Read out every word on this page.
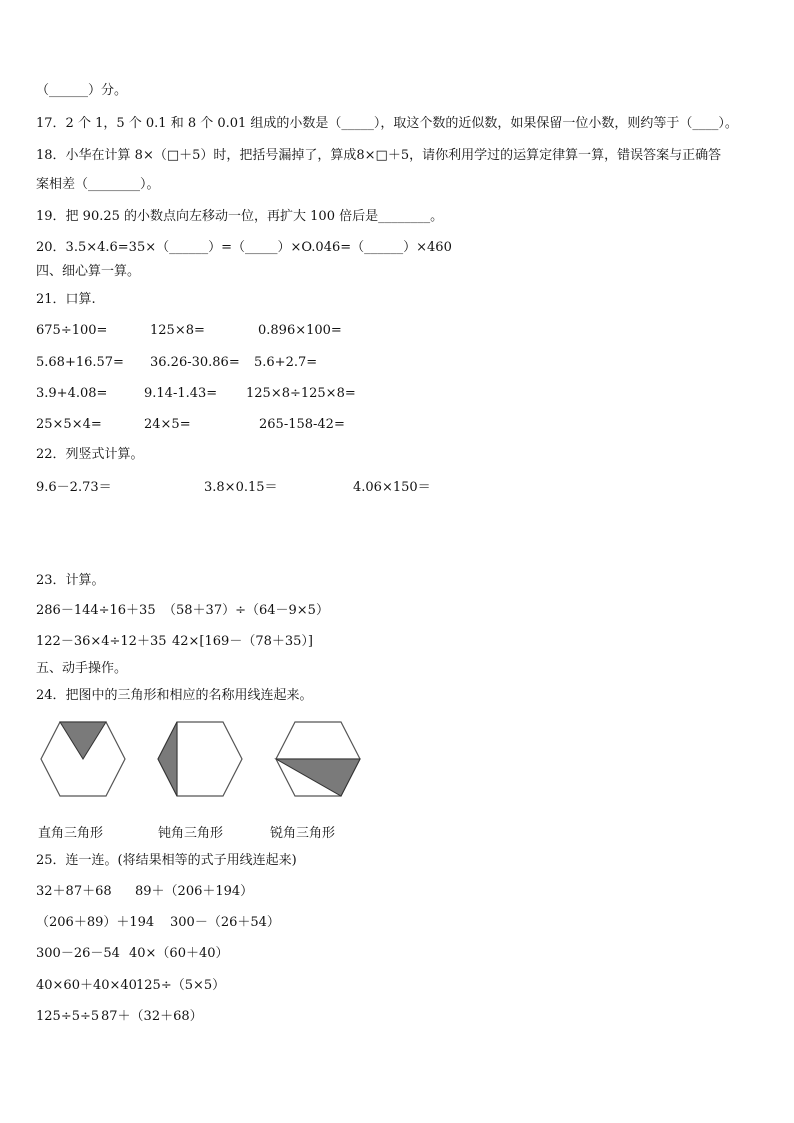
（______）分。
17．2 个 1，5 个 0.1 和 8 个 0.01 组成的小数是（_____），取这个数的近似数，如果保留一位小数，则约等于（____）。
18．小华在计算 8×（□＋5）时，把括号漏掉了，算成8×□＋5，请你利用学过的运算定律算一算，错误答案与正确答
案相差（________）。
19．把 90.25 的小数点向左移动一位，再扩大 100 倍后是________。
20．3.5×4.6=35×（______）=（_____）×O.046=（______）×460
四、细心算一算。
21．口算.
675÷100=	125×8=	0.896×100=
5.68+16.57= 36.26-30.86= 5.6+2.7=
3.9+4.08=	9.14-1.43= 125×8÷125×8=
25×5×4=	24×5=	265-158-42=
22．列竖式计算。
9.6－2.73＝	3.8×0.15＝	4.06×150＝
23．计算。
286－144÷16＋35 （58＋37）÷（64－9×5）
122－36×4÷12＋35 42×[169－（78＋35）]
五、动手操作。
24．把图中的三角形和相应的名称用线连起来。
直角三角形	钝角三角形	锐角三角形
25．连一连。(将结果相等的式子用线连起来)
32＋87＋68 89＋（206＋194）
（206＋89）＋194 300－（26＋54）
300－26－54 40×（60＋40）
40×60＋40×40 125÷（5×5）
125÷5÷5 87＋（32＋68）
